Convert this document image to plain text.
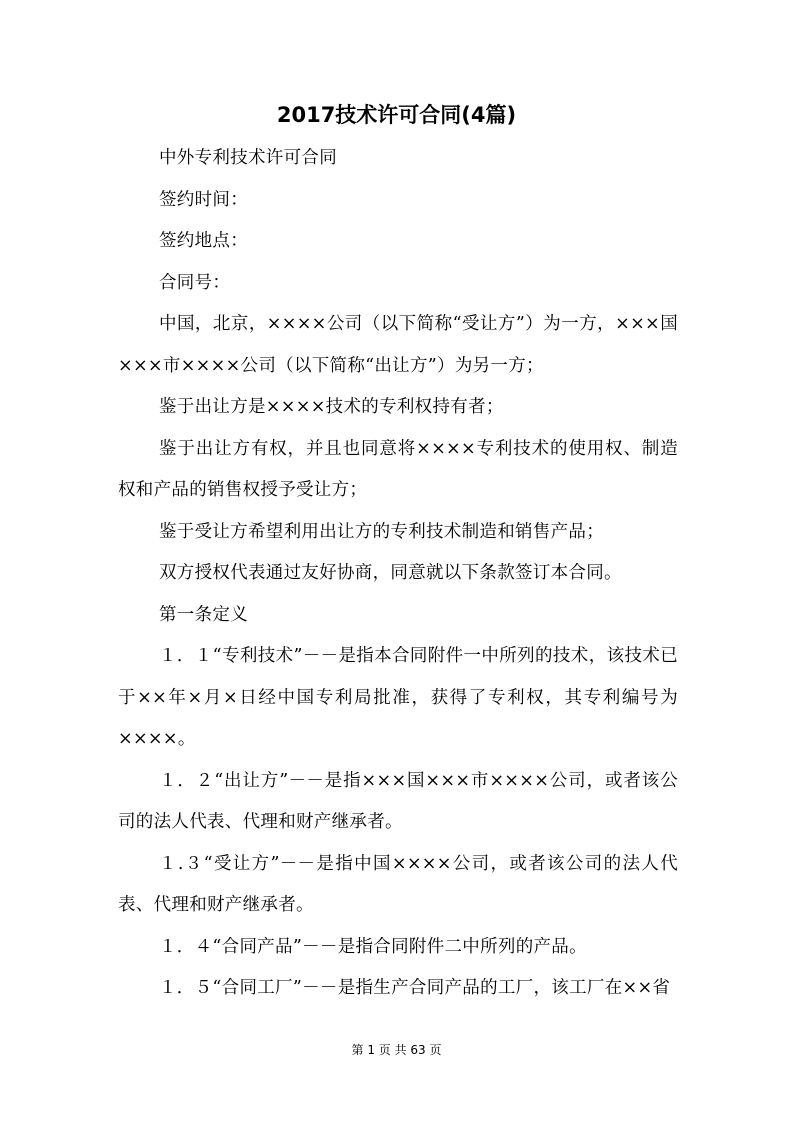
2017技术许可合同(4篇)

中外专利技术许可合同

签约时间：

签约地点：

合同号：

中国，北京，××××公司（以下简称“受让方”）为一方，×××国×××市××××公司（以下简称“出让方”）为另一方；

鉴于出让方是××××技术的专利权持有者；

鉴于出让方有权，并且也同意将××××专利技术的使用权、制造权和产品的销售权授予受让方；

鉴于受让方希望利用出让方的专利技术制造和销售产品；

双方授权代表通过友好协商，同意就以下条款签订本合同。

第一条定义

１．１“专利技术”－－是指本合同附件一中所列的技术，该技术已于××年×月×日经中国专利局批准，获得了专利权，其专利编号为××××。

１．２“出让方”－－是指×××国×××市××××公司，或者该公司的法人代表、代理和财产继承者。

１.３“受让方”－－是指中国××××公司，或者该公司的法人代表、代理和财产继承者。

１．４“合同产品”－－是指合同附件二中所列的产品。

１．５“合同工厂”－－是指生产合同产品的工厂，该工厂在××省

第 1 页 共 63 页
